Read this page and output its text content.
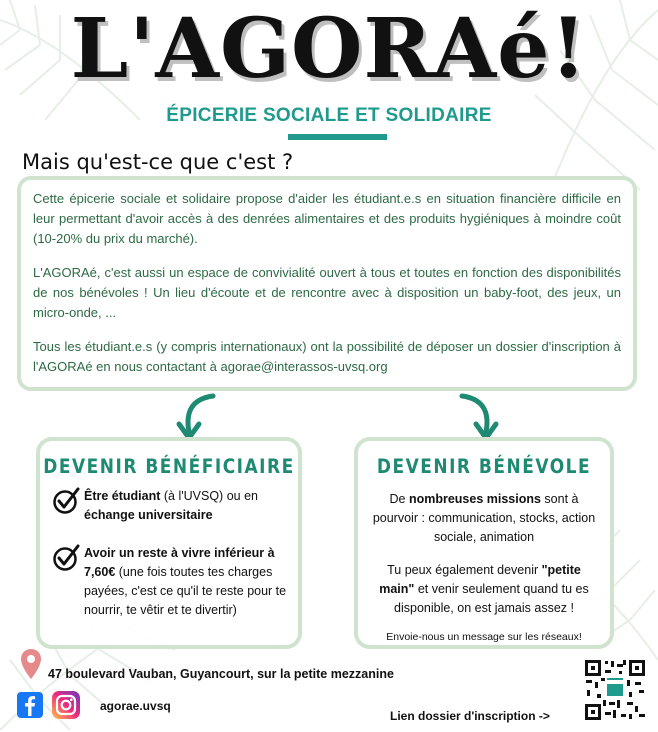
L'AGORAé!
ÉPICERIE SOCIALE ET SOLIDAIRE
Mais qu'est-ce que c'est ?

Cette épicerie sociale et solidaire propose d'aider les étudiant.e.s en situation financière difficile en leur permettant d'avoir accès à des denrées alimentaires et des produits hygiéniques à moindre coût (10-20% du prix du marché).

L'AGORAé, c'est aussi un espace de convivialité ouvert à tous et toutes en fonction des disponibilités de nos bénévoles ! Un lieu d'écoute et de rencontre avec à disposition un baby-foot, des jeux, un micro-onde, ...

Tous les étudiant.e.s (y compris internationaux) ont la possibilité de déposer un dossier d'inscription à l'AGORAé en nous contactant à agorae@interassos-uvsq.org

DEVENIR BÉNÉFICIAIRE
Être étudiant (à l'UVSQ) ou en échange universitaire
Avoir un reste à vivre inférieur à 7,60€ (une fois toutes tes charges payées, c'est ce qu'il te reste pour te nourrir, te vêtir et te divertir)
DEVENIR BÉNÉVOLE
De nombreuses missions sont à pourvoir : communication, stocks, action sociale, animation
Tu peux également devenir "petite main" et venir seulement quand tu es disponible, on est jamais assez !
Envoie-nous un message sur les réseaux!
47 boulevard Vauban, Guyancourt, sur la petite mezzanine
agorae.uvsq
Lien dossier d'inscription ->
